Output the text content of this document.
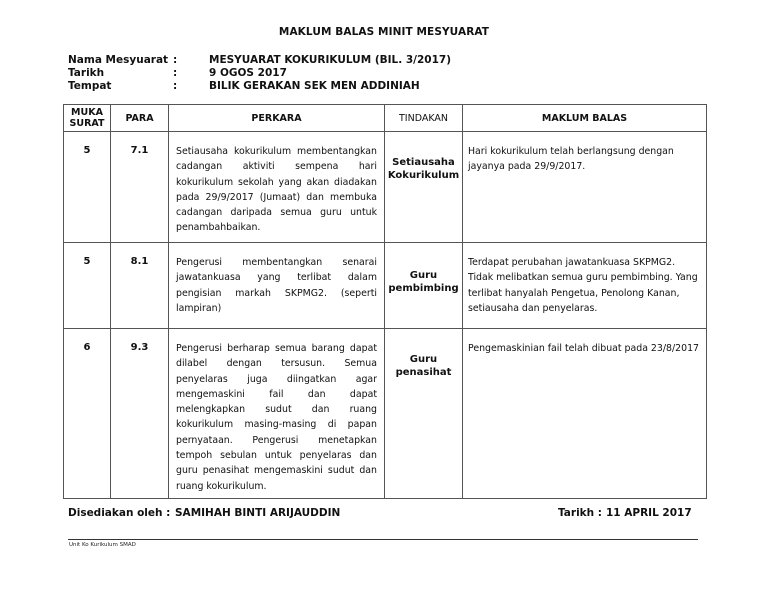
MAKLUM BALAS MINIT MESYUARAT
Nama Mesyuarat :	MESYUARAT KOKURIKULUM (BIL. 3/2017)
Tarikh	:	9 OGOS 2017
Tempat	:	BILIK GERAKAN SEK MEN ADDINIAH
MUKA SURAT	PARA	PERKARA	TINDAKAN	MAKLUM BALAS

5	7.1	Setiausaha kokurikulum membentangkan cadangan aktiviti sempena hari kokurikulum sekolah yang akan diadakan pada 29/9/2017 (Jumaat) dan membuka cadangan daripada semua guru untuk penambahbaikan.	Setiausaha Kokurikulum	Hari kokurikulum telah berlangsung dengan jayanya pada 29/9/2017.

5	8.1	Pengerusi membentangkan senarai jawatankuasa yang terlibat dalam pengisian markah SKPMG2. (seperti lampiran)	Guru pembimbing	Terdapat perubahan jawatankuasa SKPMG2. Tidak melibatkan semua guru pembimbing. Yang terlibat hanyalah Pengetua, Penolong Kanan, setiausaha dan penyelaras.

6	9.3	Pengerusi berharap semua barang dapat dilabel dengan tersusun. Semua penyelaras juga diingatkan agar mengemaskini fail dan dapat melengkapkan sudut dan ruang kokurikulum masing-masing di papan pernyataan. Pengerusi menetapkan tempoh sebulan untuk penyelaras dan guru penasihat mengemaskini sudut dan ruang kokurikulum.	Guru penasihat	Pengemaskinian fail telah dibuat pada 23/8/2017
Disediakan oleh : SAMIHAH BINTI ARIJAUDDIN	Tarikh : 11 APRIL 2017
Unit Ko Kurikulum SMAD
